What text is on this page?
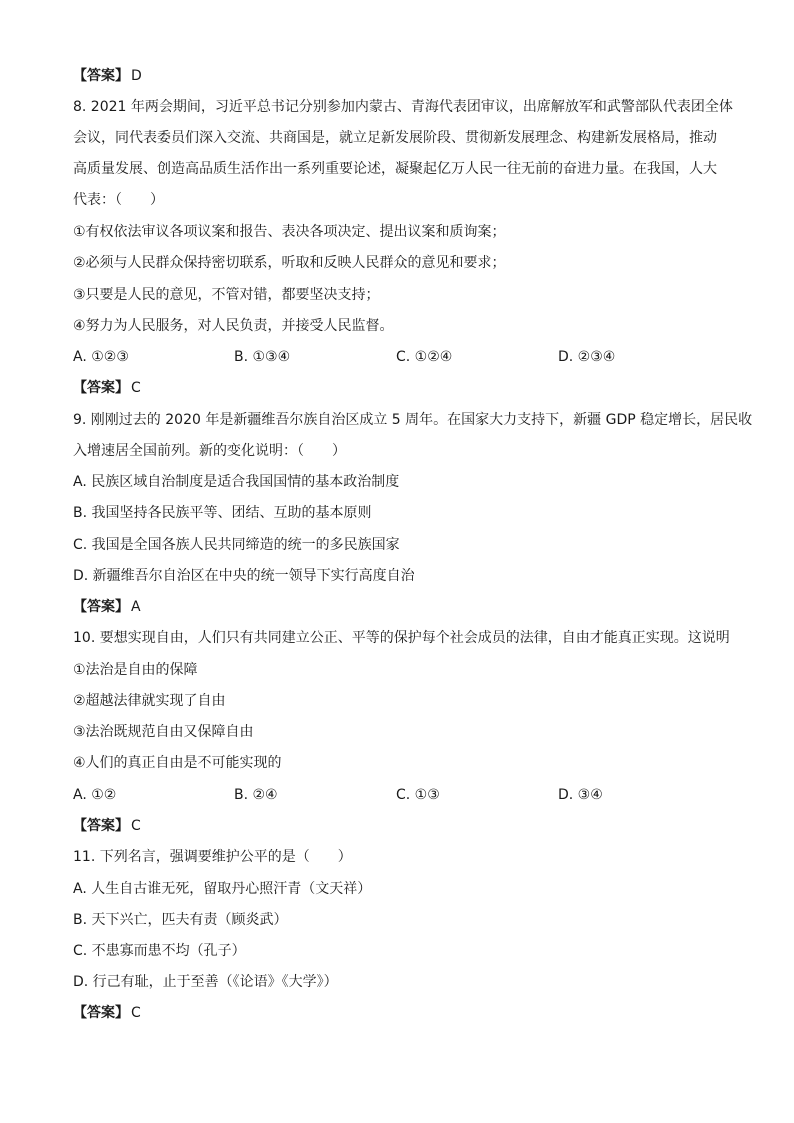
【答案】 D
8. 2021 年两会期间，习近平总书记分别参加内蒙古、青海代表团审议，出席解放军和武警部队代表团全体
会议，同代表委员们深入交流、共商国是，就立足新发展阶段、贯彻新发展理念、构建新发展格局，推动
高质量发展、创造高品质生活作出一系列重要论述，凝聚起亿万人民一往无前的奋进力量。在我国，人大
代表：（　　）
①有权依法审议各项议案和报告、表决各项决定、提出议案和质询案；
②必须与人民群众保持密切联系，听取和反映人民群众的意见和要求；
③只要是人民的意见，不管对错，都要坚决支持；
④努力为人民服务，对人民负责，并接受人民监督。
A. ①②③	B. ①③④	C. ①②④	D. ②③④
【答案】 C
9. 刚刚过去的 2020 年是新疆维吾尔族自治区成立 5 周年。在国家大力支持下，新疆 GDP 稳定增长，居民收
入增速居全国前列。新的变化说明：（　　）
A. 民族区域自治制度是适合我国国情的基本政治制度
B. 我国坚持各民族平等、团结、互助的基本原则
C. 我国是全国各族人民共同缔造的统一的多民族国家
D. 新疆维吾尔自治区在中央的统一领导下实行高度自治
【答案】 A
10. 要想实现自由，人们只有共同建立公正、平等的保护每个社会成员的法律，自由才能真正实现。这说明
①法治是自由的保障
②超越法律就实现了自由
③法治既规范自由又保障自由
④人们的真正自由是不可能实现的
A. ①②	B. ②④	C. ①③	D. ③④
【答案】 C
11. 下列名言，强调要维护公平的是（　　）
A. 人生自古谁无死，留取丹心照汗青（文天祥）
B. 天下兴亡，匹夫有责（顾炎武）
C. 不患寡而患不均（孔子）
D. 行己有耻，止于至善（《论语》《大学》）
【答案】 C
